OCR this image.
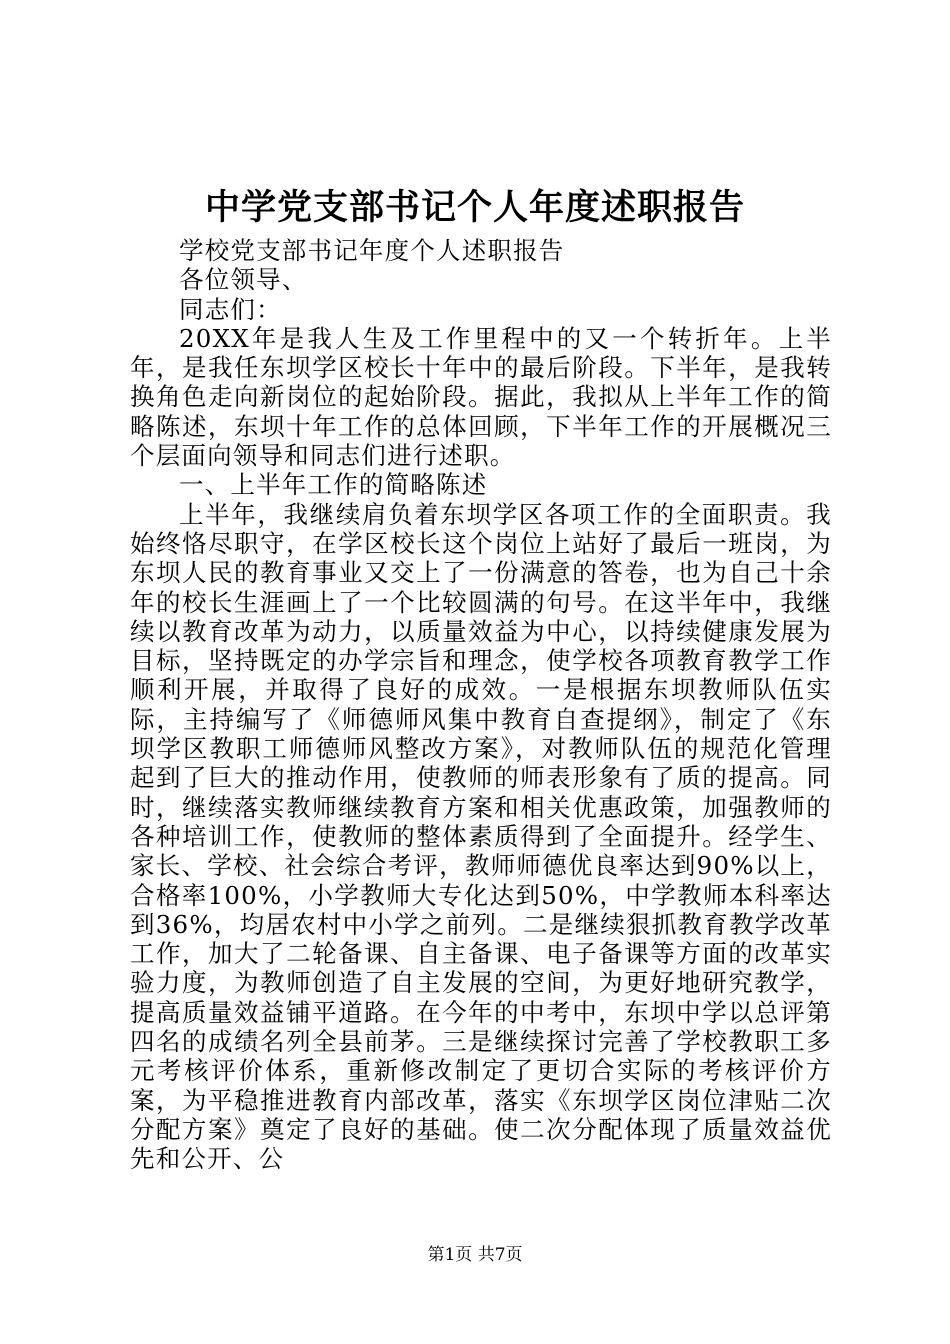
中学党支部书记个人年度述职报告

学校党支部书记年度个人述职报告

各位领导、

同志们：

20XX年是我人生及工作里程中的又一个转折年。上半年，是我任东坝学区校长十年中的最后阶段。下半年，是我转换角色走向新岗位的起始阶段。据此，我拟从上半年工作的简略陈述，东坝十年工作的总体回顾，下半年工作的开展概况三个层面向领导和同志们进行述职。

一、上半年工作的简略陈述

上半年，我继续肩负着东坝学区各项工作的全面职责。我始终恪尽职守，在学区校长这个岗位上站好了最后一班岗，为东坝人民的教育事业又交上了一份满意的答卷，也为自己十余年的校长生涯画上了一个比较圆满的句号。在这半年中，我继续以教育改革为动力，以质量效益为中心，以持续健康发展为目标，坚持既定的办学宗旨和理念，使学校各项教育教学工作顺利开展，并取得了良好的成效。一是根据东坝教师队伍实际，主持编写了《师德师风集中教育自查提纲》，制定了《东坝学区教职工师德师风整改方案》，对教师队伍的规范化管理起到了巨大的推动作用，使教师的师表形象有了质的提高。同时，继续落实教师继续教育方案和相关优惠政策，加强教师的各种培训工作，使教师的整体素质得到了全面提升。经学生、家长、学校、社会综合考评，教师师德优良率达到90%以上，合格率100%，小学教师大专化达到50%，中学教师本科率达到36%，均居农村中小学之前列。二是继续狠抓教育教学改革工作，加大了二轮备课、自主备课、电子备课等方面的改革实验力度，为教师创造了自主发展的空间，为更好地研究教学，提高质量效益铺平道路。在今年的中考中，东坝中学以总评第四名的成绩名列全县前茅。三是继续探讨完善了学校教职工多元考核评价体系，重新修改制定了更切合实际的考核评价方案，为平稳推进教育内部改革，落实《东坝学区岗位津贴二次分配方案》奠定了良好的基础。使二次分配体现了质量效益优先和公开、公

第1页 共7页
